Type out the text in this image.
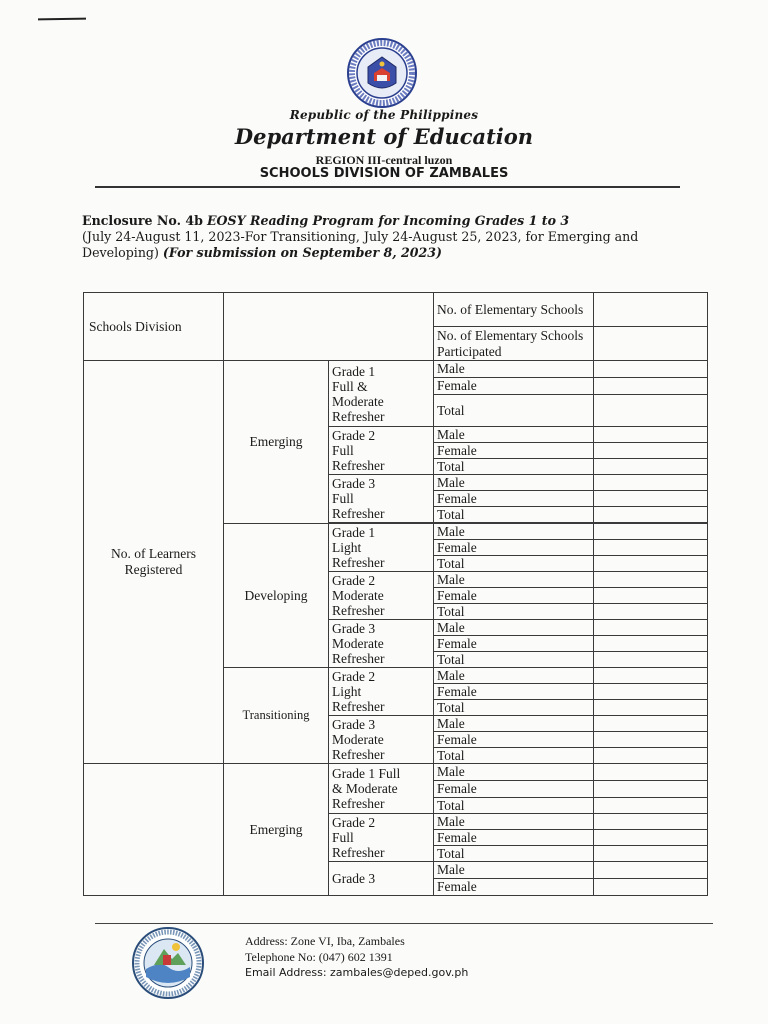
Republic of the Philippines
Department of Education
REGION III-central luzon
SCHOOLS DIVISION OF ZAMBALES
Enclosure No. 4b EOSY Reading Program for Incoming Grades 1 to 3
(July 24-August 11, 2023-For Transitioning, July 24-August 25, 2023, for Emerging and Developing) (For submission on September 8, 2023)
Schools Division			No. of Elementary Schools	
			No. of Elementary Schools Participated	
No. of Learners Registered	Emerging	Grade 1
Full &
Moderate
Refresher	Male	
			Female	
			Total	

		Grade 2
Full
Refresher	Male	
			Female	
			Total	

		Grade 3
Full
Refresher	Male	
			Female	
			Total	

	Developing	Grade 1
Light
Refresher	Male	
			Female	
			Total	

		Grade 2
Moderate
Refresher	Male	
			Female	
			Total	

		Grade 3
Moderate
Refresher	Male	
			Female	
			Total	
	Transitioning	Grade 2
Light
Refresher	Male	
			Female	
			Total	

		Grade 3
Moderate
Refresher	Male	
			Female	
			Total	
	Emerging	Grade 1 Full
& Moderate
Refresher	Male	
			Female	
			Total	

		Grade 2
Full
Refresher	Male	
			Female	
			Total	
		Grade 3	Male	
			Female	
Address: Zone VI, Iba, Zambales
Telephone No: (047) 602 1391
Email Address: zambales@deped.gov.ph
